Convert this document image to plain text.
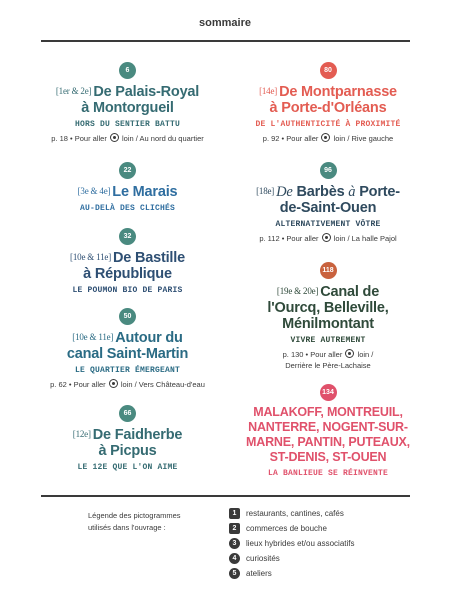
sommaire
6
[1er & 2e] De Palais-Royal
à Montorgueil
HORS DU SENTIER BATTU
p. 18 • Pour aller loin / Au nord du quartier
22
[3e & 4e] Le Marais
AU-DELÀ DES CLICHÉS
32
[10e & 11e] De Bastille
à République
LE POUMON BIO DE PARIS
50
[10e & 11e] Autour du
canal Saint-Martin
LE QUARTIER ÉMERGEANT
p. 62 • Pour aller loin / Vers Château-d'eau
66
[12e] De Faidherbe
à Picpus
LE 12E QUE L'ON AIME
80
[14e] De Montparnasse
à Porte-d'Orléans
DE L'AUTHENTICITÉ À PROXIMITÉ
p. 92 • Pour aller loin / Rive gauche
96
[18e] De Barbès à Porte-
de-Saint-Ouen
ALTERNATIVEMENT VÔTRE
p. 112 • Pour aller loin / La halle Pajol
118
[19e & 20e] Canal de
l'Ourcq, Belleville,
Ménilmontant
VIVRE AUTREMENT
p. 130 • Pour aller loin /
Derrière le Père-Lachaise
134
MALAKOFF, MONTREUIL,
NANTERRE, NOGENT-SUR-
MARNE, PANTIN, PUTEAUX,
ST-DENIS, ST-OUEN
LA BANLIEUE SE RÉINVENTE
Légende des pictogrammes
utilisés dans l'ouvrage :
1	restaurants, cantines, cafés
2	commerces de bouche
3	lieux hybrides et/ou associatifs
4	curiosités
5	ateliers
